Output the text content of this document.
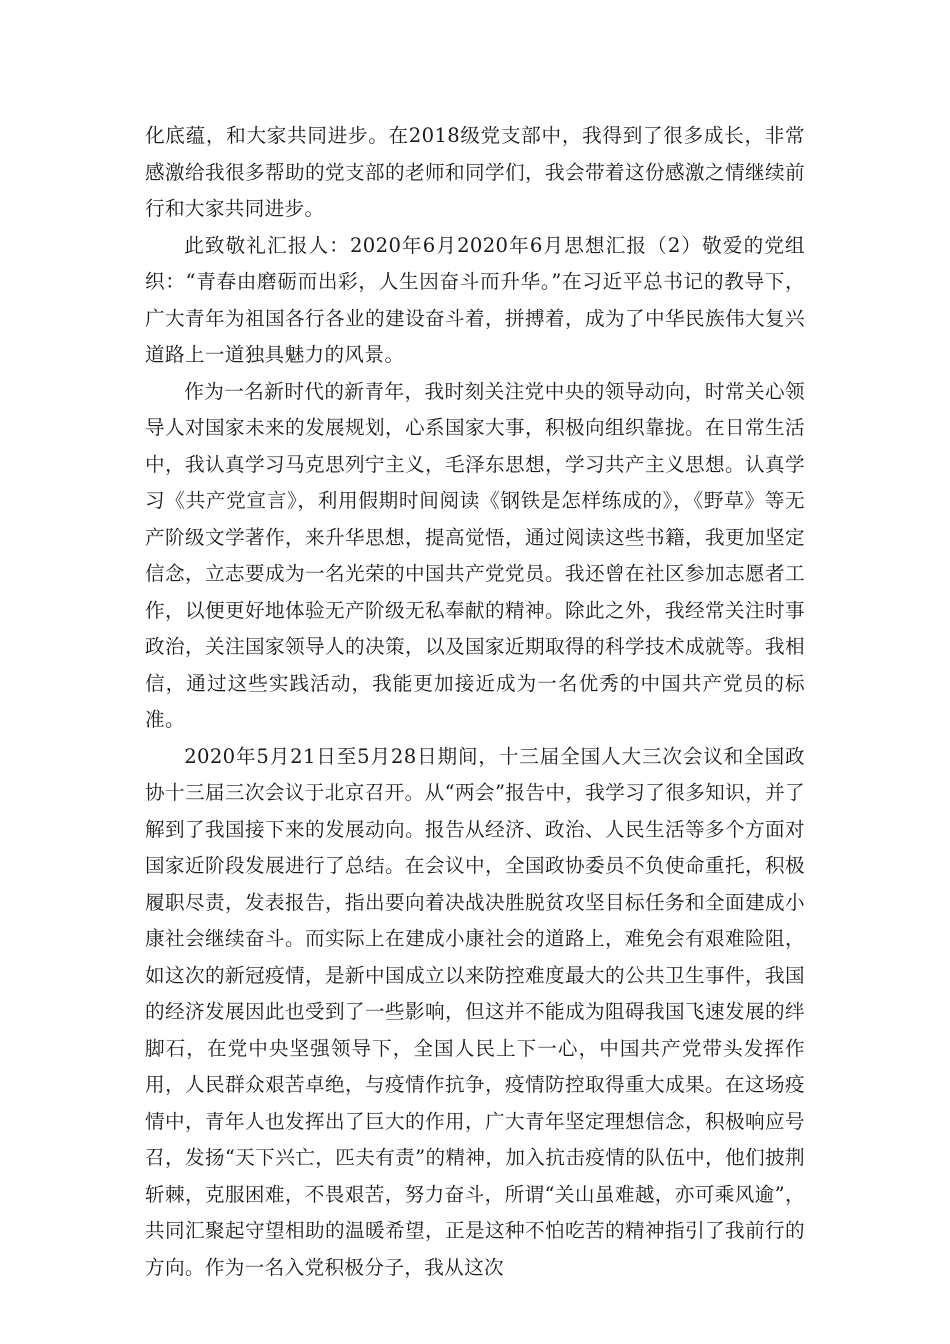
化底蕴，和大家共同进步。在2018级党支部中，我得到了很多成长，非常感激给我很多帮助的党支部的老师和同学们，我会带着这份感激之情继续前行和大家共同进步。

此致敬礼汇报人：2020年6月2020年6月思想汇报（2）敬爱的党组织：“青春由磨砺而出彩，人生因奋斗而升华。”在习近平总书记的教导下，广大青年为祖国各行各业的建设奋斗着，拼搏着，成为了中华民族伟大复兴道路上一道独具魅力的风景。

作为一名新时代的新青年，我时刻关注党中央的领导动向，时常关心领导人对国家未来的发展规划，心系国家大事，积极向组织靠拢。在日常生活中，我认真学习马克思列宁主义，毛泽东思想，学习共产主义思想。认真学习《共产党宣言》，利用假期时间阅读《钢铁是怎样练成的》，《野草》等无产阶级文学著作，来升华思想，提高觉悟，通过阅读这些书籍，我更加坚定信念，立志要成为一名光荣的中国共产党党员。我还曾在社区参加志愿者工作，以便更好地体验无产阶级无私奉献的精神。除此之外，我经常关注时事政治，关注国家领导人的决策，以及国家近期取得的科学技术成就等。我相信，通过这些实践活动，我能更加接近成为一名优秀的中国共产党员的标准。

2020年5月21日至5月28日期间，十三届全国人大三次会议和全国政协十三届三次会议于北京召开。从“两会”报告中，我学习了很多知识，并了解到了我国接下来的发展动向。报告从经济、政治、人民生活等多个方面对国家近阶段发展进行了总结。在会议中，全国政协委员不负使命重托，积极履职尽责，发表报告，指出要向着决战决胜脱贫攻坚目标任务和全面建成小康社会继续奋斗。而实际上在建成小康社会的道路上，难免会有艰难险阻，如这次的新冠疫情，是新中国成立以来防控难度最大的公共卫生事件，我国的经济发展因此也受到了一些影响，但这并不能成为阻碍我国飞速发展的绊脚石，在党中央坚强领导下，全国人民上下一心，中国共产党带头发挥作用，人民群众艰苦卓绝，与疫情作抗争，疫情防控取得重大成果。在这场疫情中，青年人也发挥出了巨大的作用，广大青年坚定理想信念，积极响应号召，发扬“天下兴亡，匹夫有责”的精神，加入抗击疫情的队伍中，他们披荆斩棘，克服困难，不畏艰苦，努力奋斗，所谓“关山虽难越，亦可乘风逾”，共同汇聚起守望相助的温暖希望，正是这种不怕吃苦的精神指引了我前行的方向。作为一名入党积极分子，我从这次
